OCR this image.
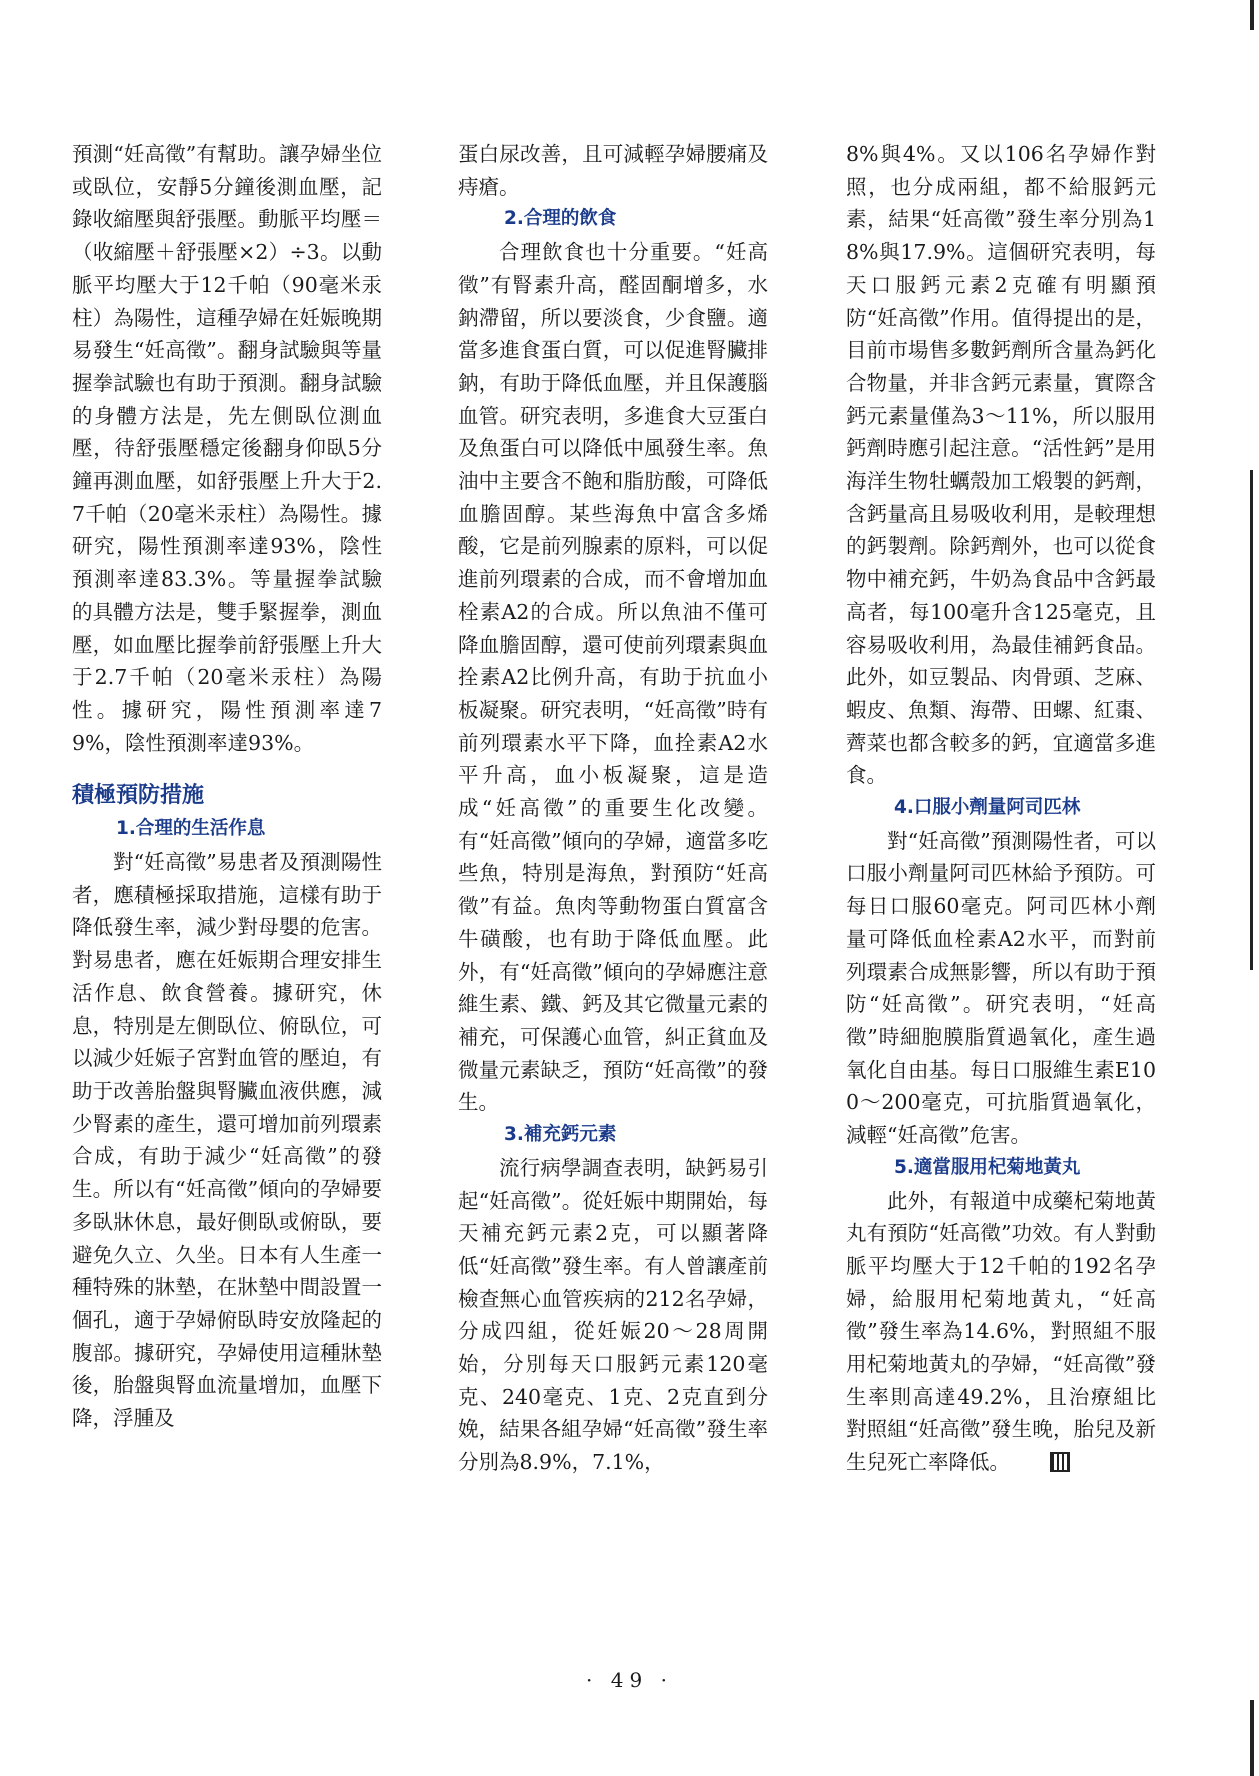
預測“妊高徵”有幫助。讓孕婦坐位或臥位，安靜5分鐘後測血壓，記錄收縮壓與舒張壓。動脈平均壓＝（收縮壓＋舒張壓×2）÷3。以動脈平均壓大于12千帕（90毫米汞柱）為陽性，這種孕婦在妊娠晚期易發生“妊高徵”。翻身試驗與等量握拳試驗也有助于預測。翻身試驗的身體方法是，先左側臥位測血壓，待舒張壓穩定後翻身仰臥5分鐘再測血壓，如舒張壓上升大于2.7千帕（20毫米汞柱）為陽性。據研究，陽性預測率達93%，陰性預測率達83.3%。等量握拳試驗的具體方法是，雙手緊握拳，測血壓，如血壓比握拳前舒張壓上升大于2.7千帕（20毫米汞柱）為陽性。據研究，陽性預測率達79%，陰性預測率達93%。

積極預防措施
1.合理的生活作息

對“妊高徵”易患者及預測陽性者，應積極採取措施，這樣有助于降低發生率，減少對母嬰的危害。對易患者，應在妊娠期合理安排生活作息、飲食營養。據研究，休息，特別是左側臥位、俯臥位，可以減少妊娠子宮對血管的壓迫，有助于改善胎盤與腎臟血液供應，減少腎素的產生，還可增加前列環素合成，有助于減少“妊高徵”的發生。所以有“妊高徵”傾向的孕婦要多臥牀休息，最好側臥或俯臥，要避免久立、久坐。日本有人生產一種特殊的牀墊，在牀墊中間設置一個孔，適于孕婦俯臥時安放隆起的腹部。據研究，孕婦使用這種牀墊後，胎盤與腎血流量增加，血壓下降，浮腫及

蛋白尿改善，且可減輕孕婦腰痛及痔瘡。

2.合理的飲食

合理飲食也十分重要。“妊高徵”有腎素升高，醛固酮增多，水鈉滯留，所以要淡食，少食鹽。適當多進食蛋白質，可以促進腎臟排鈉，有助于降低血壓，并且保護腦血管。研究表明，多進食大豆蛋白及魚蛋白可以降低中風發生率。魚油中主要含不飽和脂肪酸，可降低血膽固醇。某些海魚中富含多烯酸，它是前列腺素的原料，可以促進前列環素的合成，而不會增加血栓素A2的合成。所以魚油不僅可降血膽固醇，還可使前列環素與血拴素A2比例升高，有助于抗血小板凝聚。研究表明，“妊高徵”時有前列環素水平下降，血拴素A2水平升高，血小板凝聚，這是造成“妊高徵”的重要生化改變。有“妊高徵”傾向的孕婦，適當多吃些魚，特別是海魚，對預防“妊高徵”有益。魚肉等動物蛋白質富含牛磺酸，也有助于降低血壓。此外，有“妊高徵”傾向的孕婦應注意維生素、鐵、鈣及其它微量元素的補充，可保護心血管，糾正貧血及微量元素缺乏，預防“妊高徵”的發生。

3.補充鈣元素

流行病學調查表明，缺鈣易引起“妊高徵”。從妊娠中期開始，每天補充鈣元素2克，可以顯著降低“妊高徵”發生率。有人曾讓產前檢查無心血管疾病的212名孕婦，分成四組，從妊娠20～28周開始，分別每天口服鈣元素120毫克、240毫克、1克、2克直到分娩，結果各組孕婦“妊高徵”發生率分別為8.9%，7.1%，

8%與4%。又以106名孕婦作對照，也分成兩組，都不給服鈣元素，結果“妊高徵”發生率分別為18%與17.9%。這個研究表明，每天口服鈣元素2克確有明顯預防“妊高徵”作用。值得提出的是，目前市場售多數鈣劑所含量為鈣化合物量，并非含鈣元素量，實際含鈣元素量僅為3～11%，所以服用鈣劑時應引起注意。“活性鈣”是用海洋生物牡蠣殼加工煅製的鈣劑，含鈣量高且易吸收利用，是較理想的鈣製劑。除鈣劑外，也可以從食物中補充鈣，牛奶為食品中含鈣最高者，每100毫升含125毫克，且容易吸收利用，為最佳補鈣食品。此外，如豆製品、肉骨頭、芝麻、蝦皮、魚類、海帶、田螺、紅棗、薺菜也都含較多的鈣，宜適當多進食。

4.口服小劑量阿司匹林

對“妊高徵”預測陽性者，可以口服小劑量阿司匹林給予預防。可每日口服60毫克。阿司匹林小劑量可降低血栓素A2水平，而對前列環素合成無影響，所以有助于預防“妊高徵”。研究表明，“妊高徵”時細胞膜脂質過氧化，產生過氧化自由基。每日口服維生素E100～200毫克，可抗脂質過氧化，減輕“妊高徵”危害。

5.適當服用杞菊地黃丸

此外，有報道中成藥杞菊地黃丸有預防“妊高徵”功效。有人對動脈平均壓大于12千帕的192名孕婦，給服用杞菊地黃丸，“妊高徵”發生率為14.6%，對照組不服用杞菊地黃丸的孕婦，“妊高徵”發生率則高達49.2%，且治療組比對照組“妊高徵”發生晚，胎兒及新生兒死亡率降低。

· 49 ·
